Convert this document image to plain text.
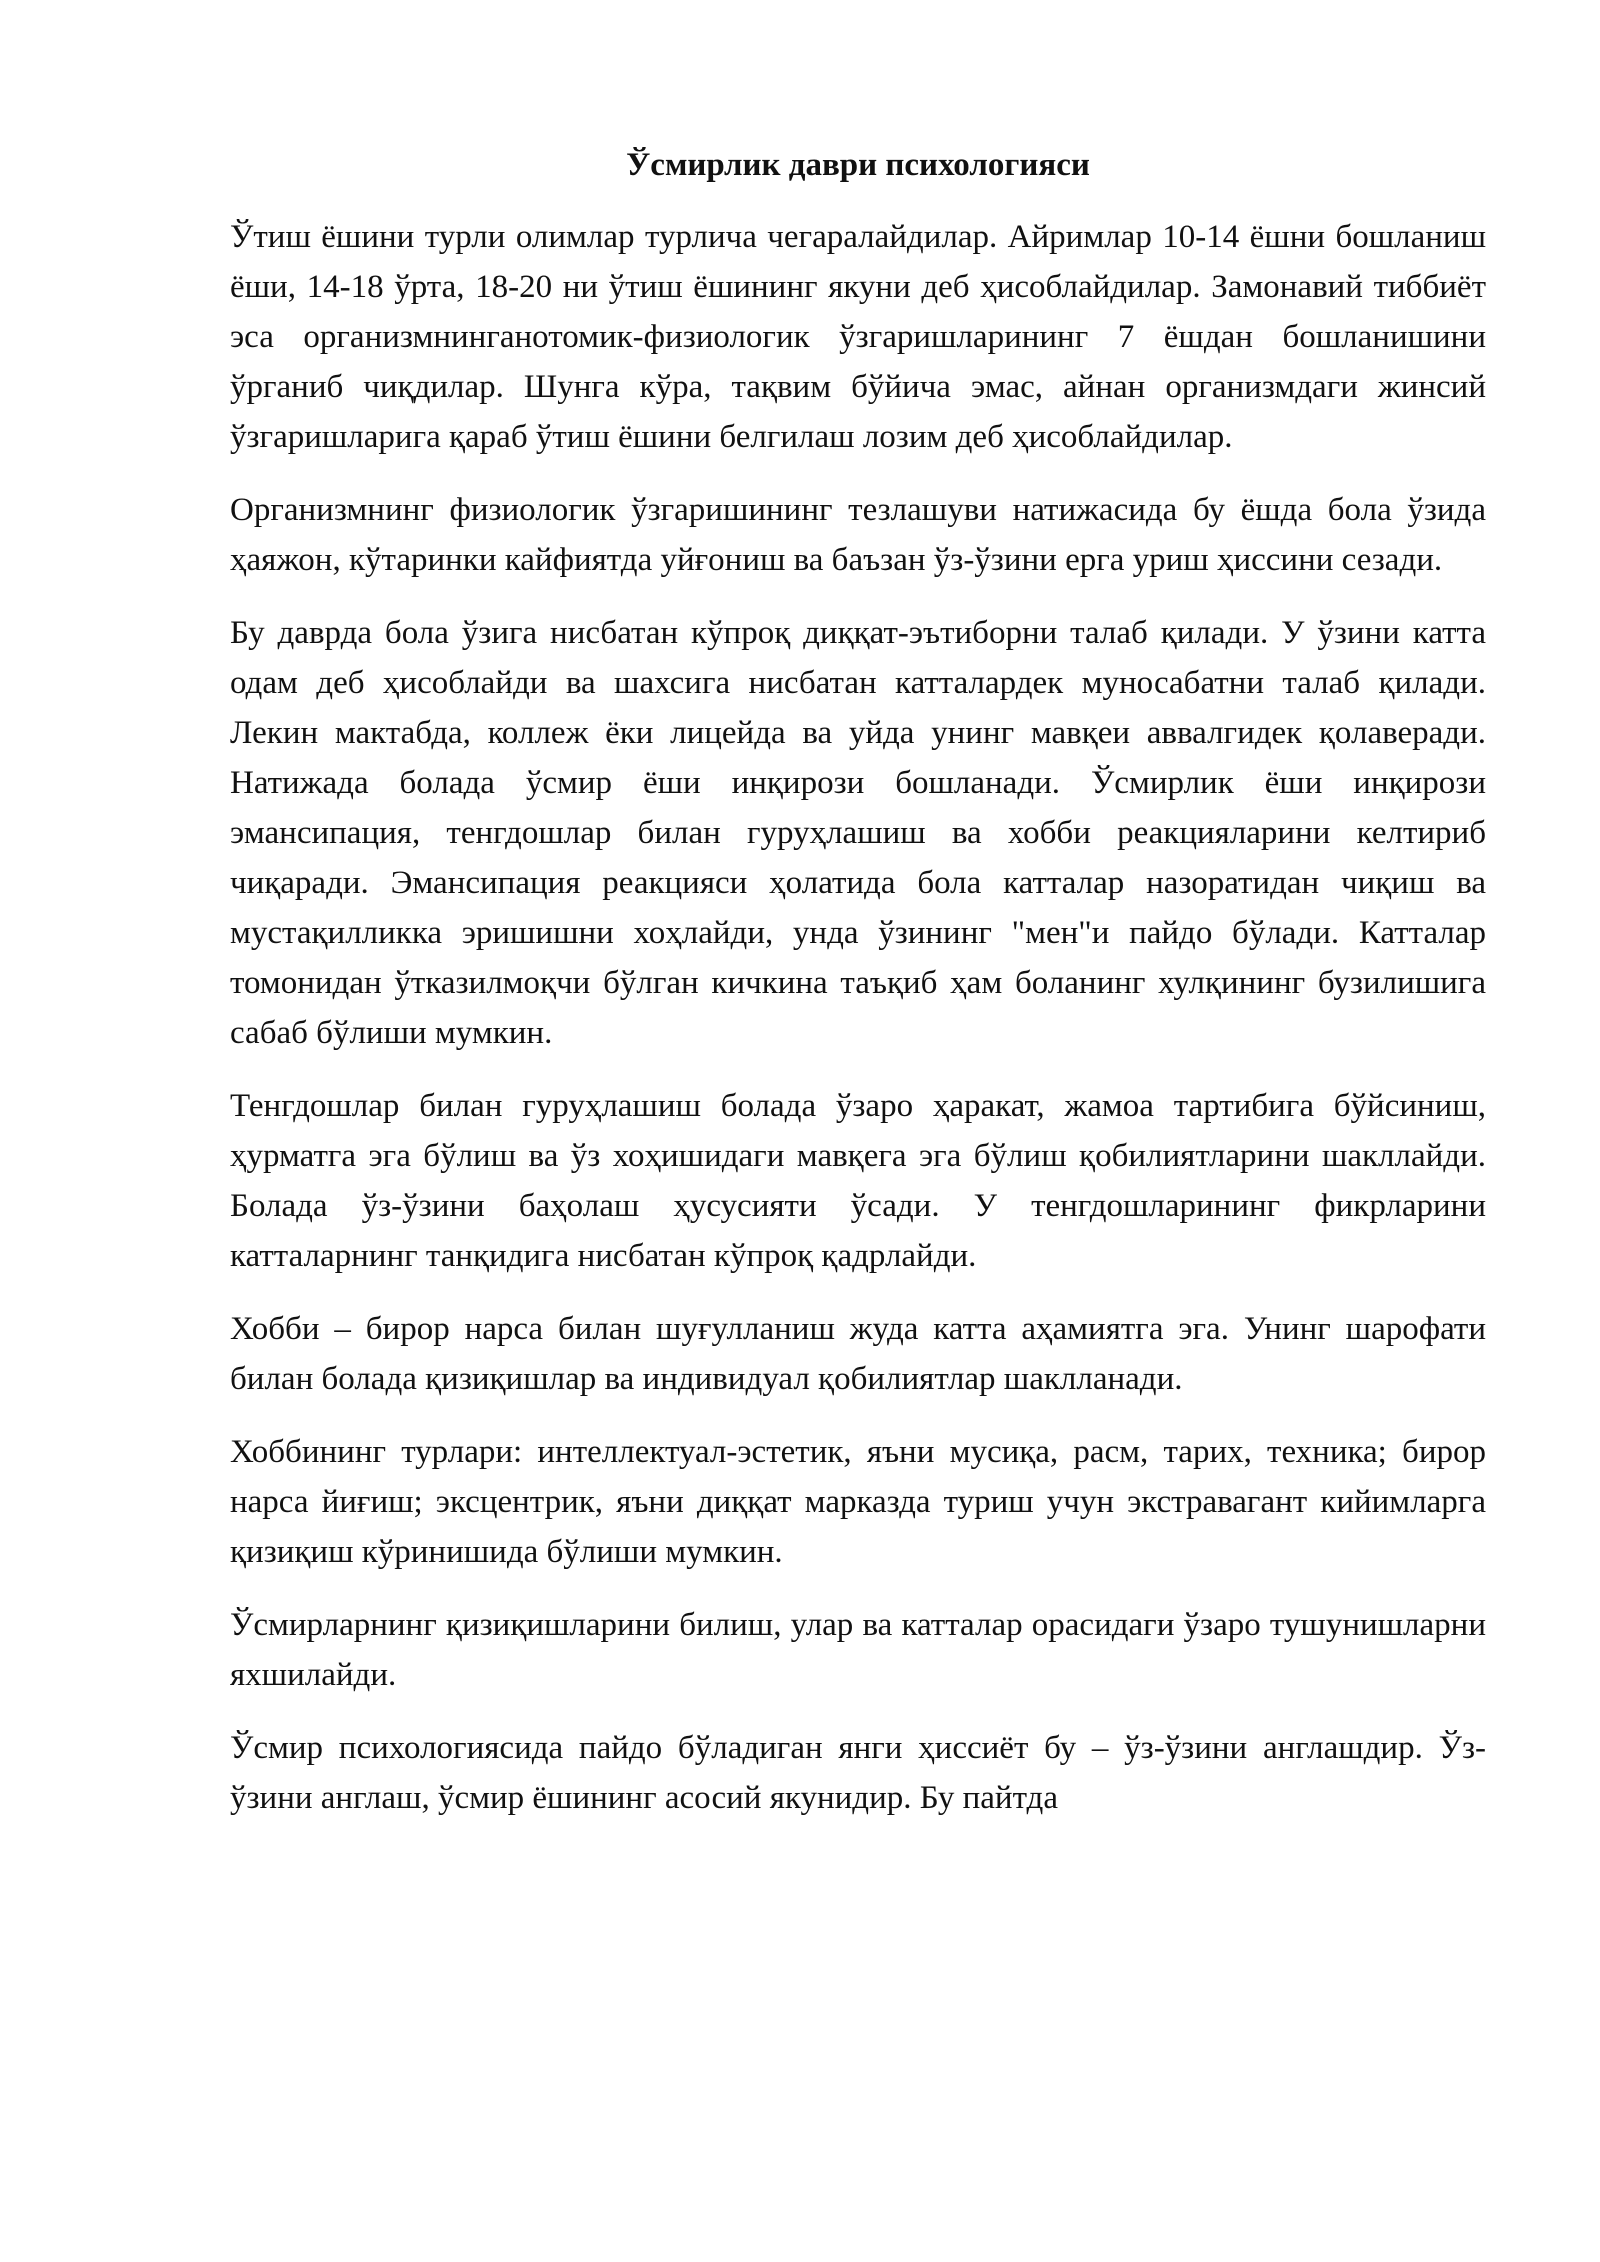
Ўсмирлик даври психологияси

Ўтиш ёшини турли олимлар турлича чегаралайдилар. Айримлар 10-14 ёшни бошланиш ёши, 14-18 ўрта, 18-20 ни ўтиш ёшининг якуни деб ҳисоблайдилар. Замонавий тиббиёт эса организмнинганотомик-физиологик ўзгаришларининг 7 ёшдан бошланишини ўрганиб чиқдилар. Шунга кўра, тақвим бўйича эмас, айнан организмдаги жинсий ўзгаришларига қараб ўтиш ёшини белгилаш лозим деб ҳисоблайдилар.

Организмнинг физиологик ўзгаришининг тезлашуви натижасида бу ёшда бола ўзида ҳаяжон, кўтаринки кайфиятда уйғониш ва баъзан ўз-ўзини ерга уриш ҳиссини сезади.

Бу даврда бола ўзига нисбатан кўпроқ диққат-эътиборни талаб қилади. У ўзини катта одам деб ҳисоблайди ва шахсига нисбатан катталардек муносабатни талаб қилади. Лекин мактабда, коллеж ёки лицейда ва уйда унинг мавқеи аввалгидек қолаверади. Натижада болада ўсмир ёши инқирози бошланади. Ўсмирлик ёши инқирози эмансипация, тенгдошлар билан гуруҳлашиш ва хобби реакцияларини келтириб чиқаради. Эмансипация реакцияси ҳолатида бола катталар назоратидан чиқиш ва мустақилликка эришишни хоҳлайди, унда ўзининг "мен"и пайдо бўлади. Катталар томонидан ўтказилмоқчи бўлган кичкина таъқиб ҳам боланинг хулқининг бузилишига сабаб бўлиши мумкин.

Тенгдошлар билан гуруҳлашиш болада ўзаро ҳаракат, жамоа тартибига бўйсиниш, ҳурматга эга бўлиш ва ўз хоҳишидаги мавқега эга бўлиш қобилиятларини шакллайди. Болада ўз-ўзини баҳолаш ҳусусияти ўсади. У тенгдошларининг фикрларини катталарнинг танқидига нисбатан кўпроқ қадрлайди.

Хобби – бирор нарса билан шуғулланиш жуда катта аҳамиятга эга. Унинг шарофати билан болада қизиқишлар ва индивидуал қобилиятлар шаклланади.

Хоббининг турлари: интеллектуал-эстетик, яъни мусиқа, расм, тарих, техника; бирор нарса йиғиш; эксцентрик, яъни диққат марказда туриш учун экстравагант кийимларга қизиқиш кўринишида бўлиши мумкин.

Ўсмирларнинг қизиқишларини билиш, улар ва катталар орасидаги ўзаро тушунишларни яхшилайди.

Ўсмир психологиясида пайдо бўладиган янги ҳиссиёт бу – ўз-ўзини англашдир. Ўз-ўзини англаш, ўсмир ёшининг асосий якунидир. Бу пайтда
